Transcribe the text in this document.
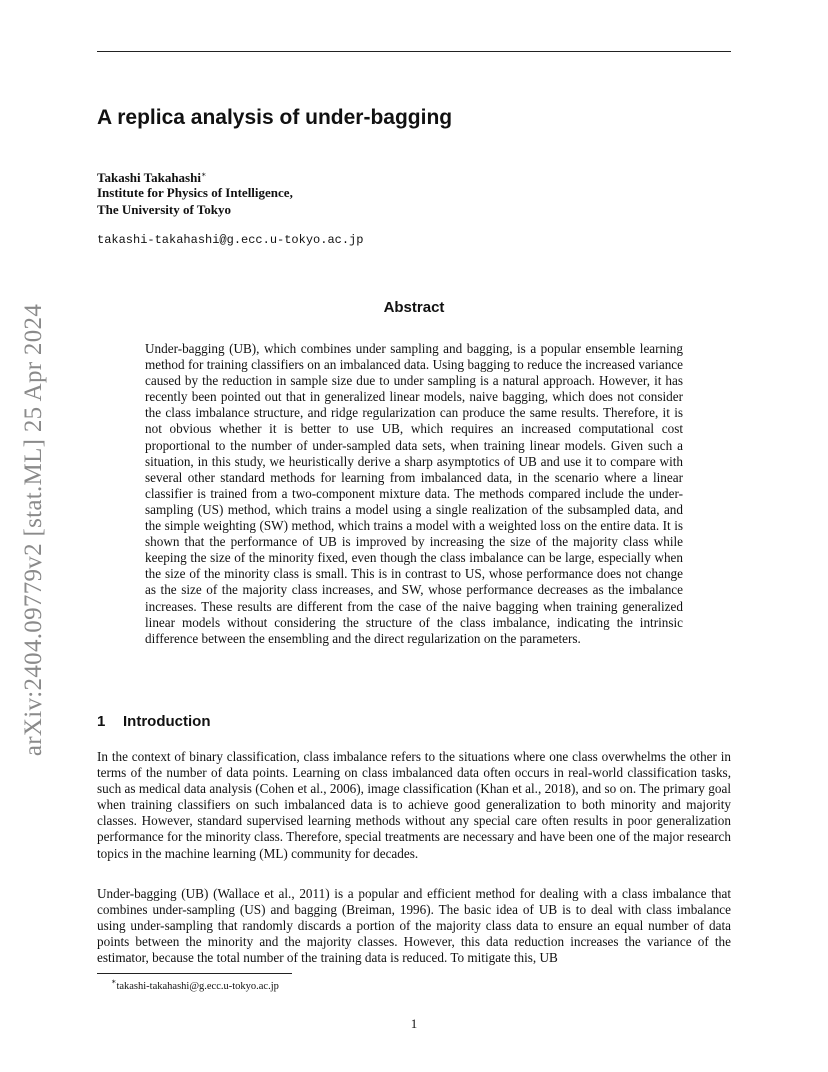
arXiv:2404.09779v2 [stat.ML] 25 Apr 2024
A replica analysis of under-bagging
Takashi Takahashi∗
Institute for Physics of Intelligence,
The University of Tokyo
takashi-takahashi@g.ecc.u-tokyo.ac.jp
Abstract

Under-bagging (UB), which combines under sampling and bagging, is a popular ensemble learning method for training classifiers on an imbalanced data. Using bagging to reduce the increased variance caused by the reduction in sample size due to under sampling is a natural approach. However, it has recently been pointed out that in generalized linear models, naive bagging, which does not consider the class imbalance structure, and ridge regularization can produce the same results. Therefore, it is not obvious whether it is better to use UB, which requires an increased computational cost proportional to the number of under-sampled data sets, when training linear models. Given such a situation, in this study, we heuristically derive a sharp asymptotics of UB and use it to compare with several other standard methods for learning from imbalanced data, in the scenario where a linear classifier is trained from a two-component mixture data. The methods compared include the under-sampling (US) method, which trains a model using a single realization of the subsampled data, and the simple weighting (SW) method, which trains a model with a weighted loss on the entire data. It is shown that the performance of UB is improved by increasing the size of the majority class while keeping the size of the minority fixed, even though the class imbalance can be large, especially when the size of the minority class is small. This is in contrast to US, whose performance does not change as the size of the majority class increases, and SW, whose performance decreases as the imbalance increases. These results are different from the case of the naive bagging when training generalized linear models without considering the structure of the class imbalance, indicating the intrinsic difference between the ensembling and the direct regularization on the parameters.

1 Introduction

In the context of binary classification, class imbalance refers to the situations where one class overwhelms the other in terms of the number of data points. Learning on class imbalanced data often occurs in real-world classification tasks, such as medical data analysis (Cohen et al., 2006), image classification (Khan et al., 2018), and so on. The primary goal when training classifiers on such imbalanced data is to achieve good generalization to both minority and majority classes. However, standard supervised learning methods without any special care often results in poor generalization performance for the minority class. Therefore, special treatments are necessary and have been one of the major research topics in the machine learning (ML) community for decades.

Under-bagging (UB) (Wallace et al., 2011) is a popular and efficient method for dealing with a class imbalance that combines under-sampling (US) and bagging (Breiman, 1996). The basic idea of UB is to deal with class imbalance using under-sampling that randomly discards a portion of the majority class data to ensure an equal number of data points between the minority and the majority classes. However, this data reduction increases the variance of the estimator, because the total number of the training data is reduced. To mitigate this, UB

∗takashi-takahashi@g.ecc.u-tokyo.ac.jp
1
